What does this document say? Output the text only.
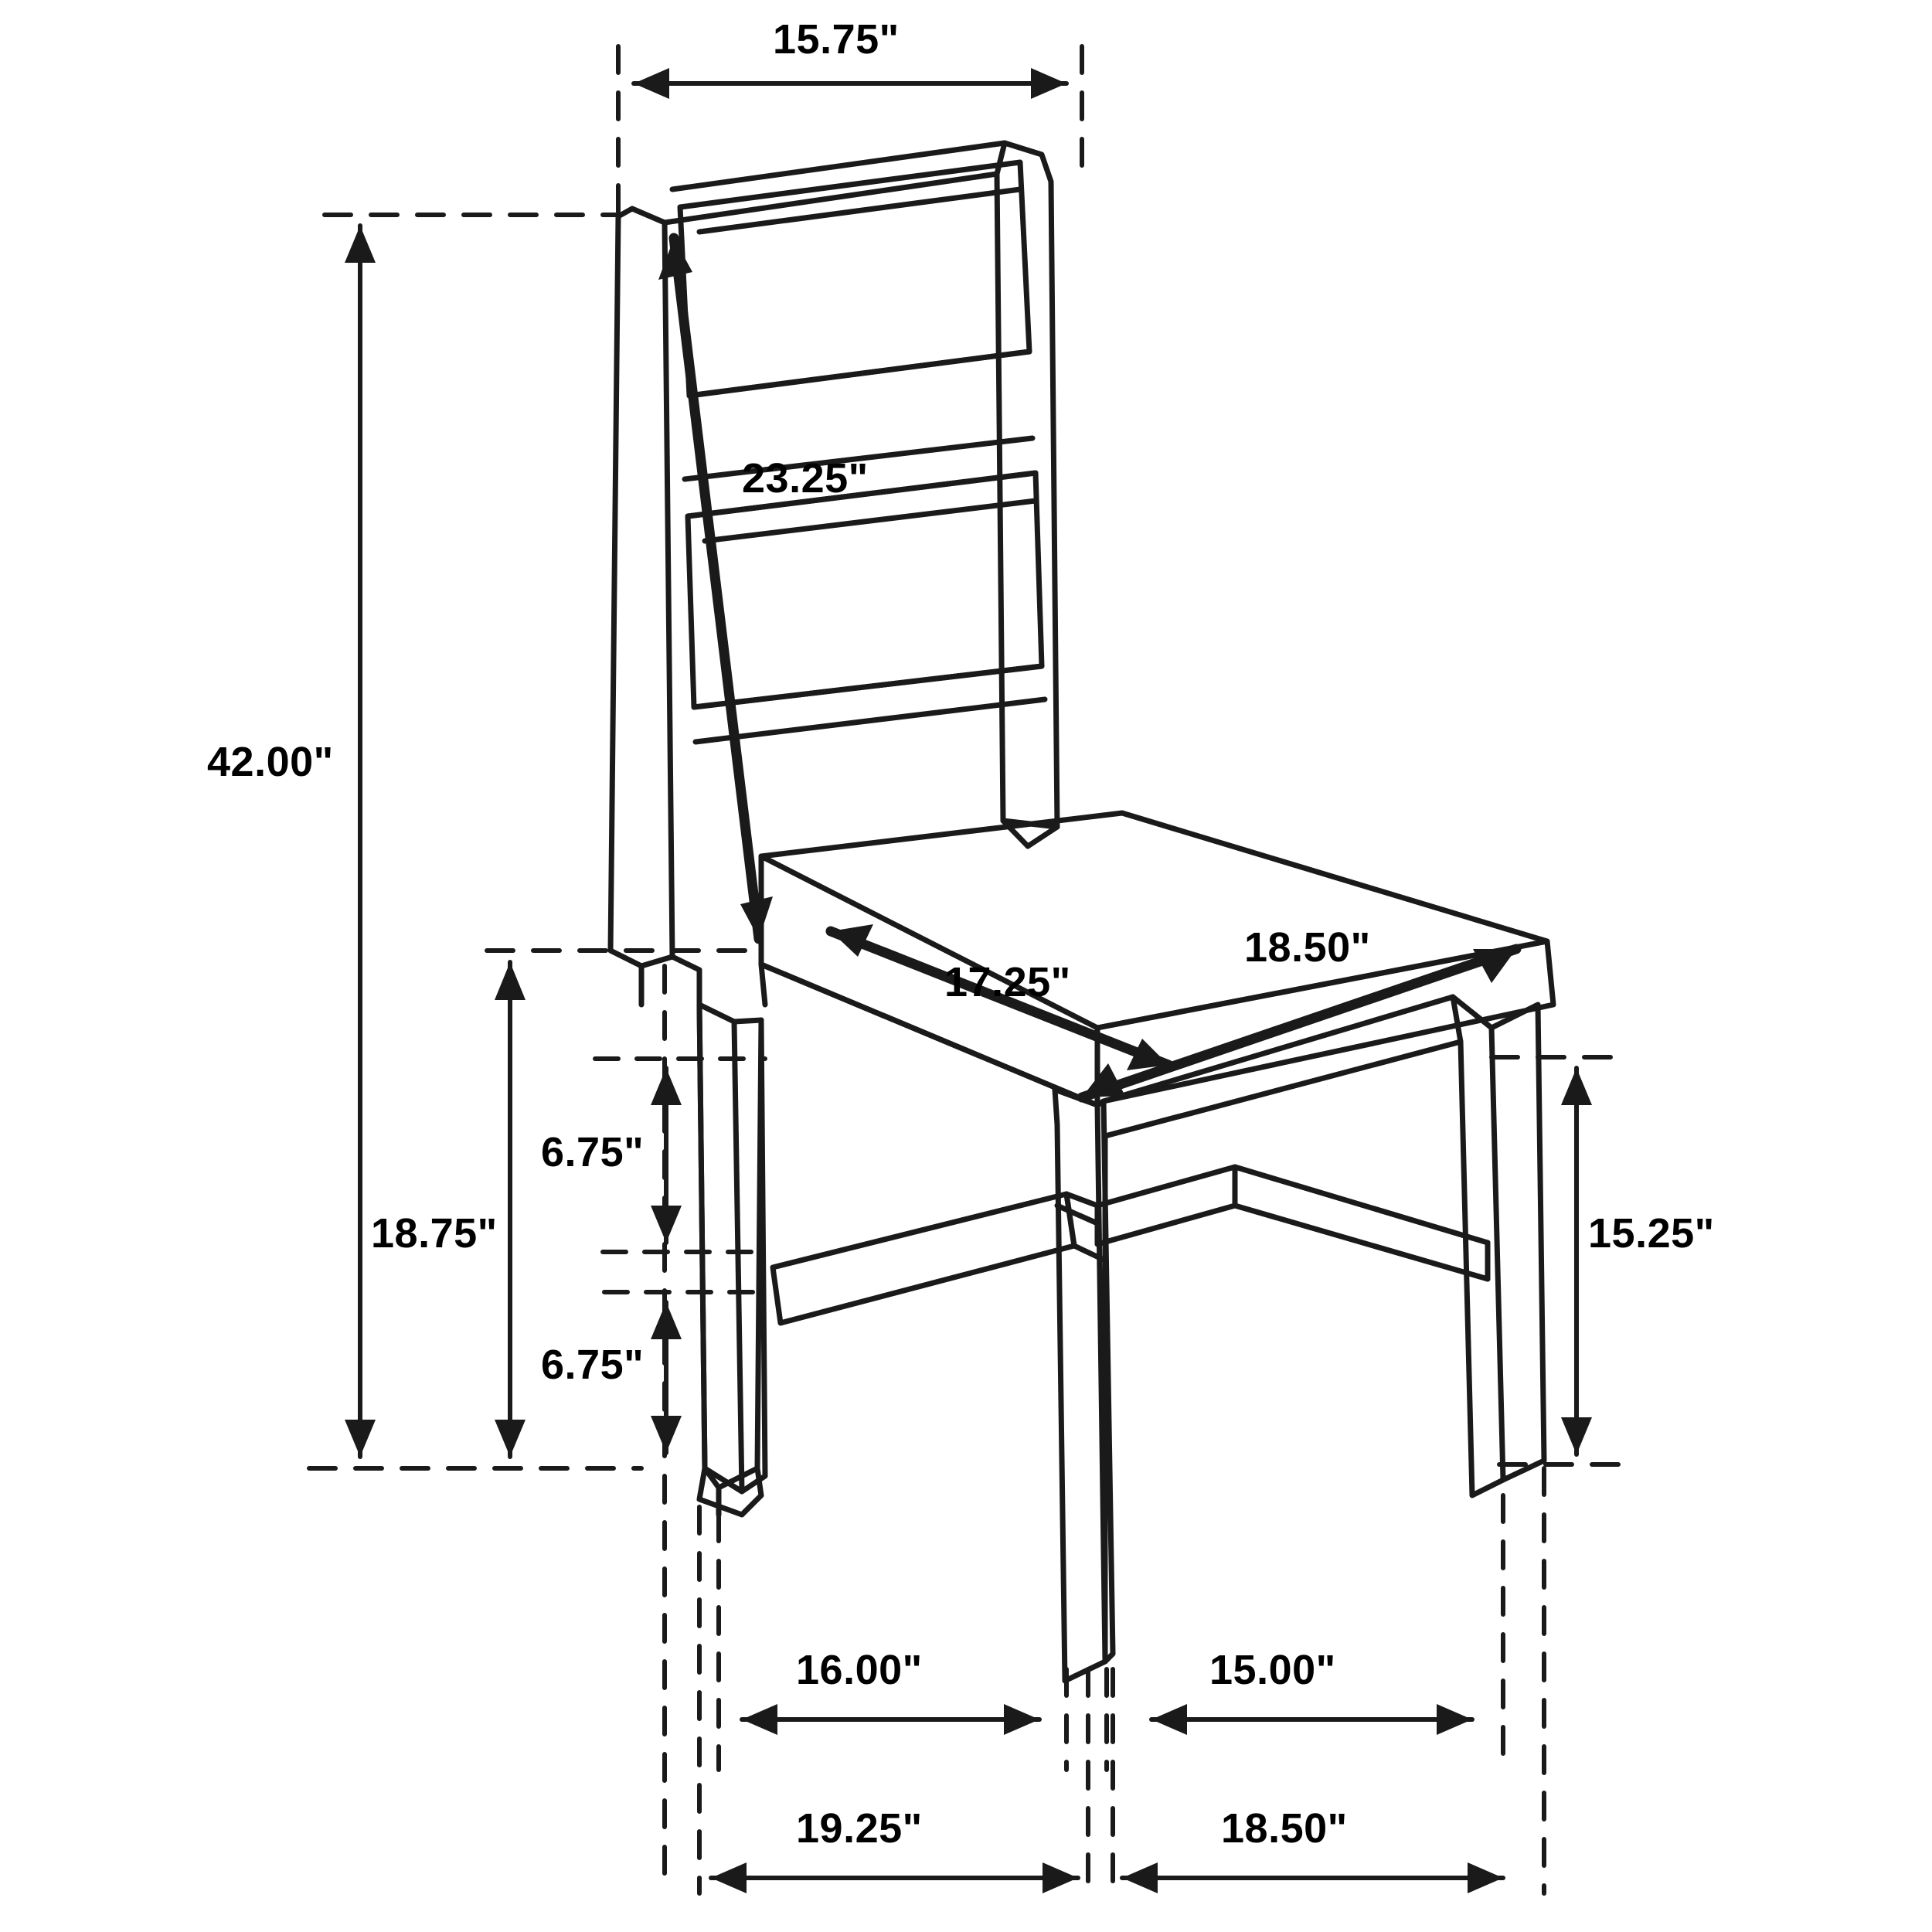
15.75"
23.25"
42.00"
17.25"
18.50"
18.75"
6.75"
6.75"
15.25"
16.00"	15.00"
19.25"	18.50"
